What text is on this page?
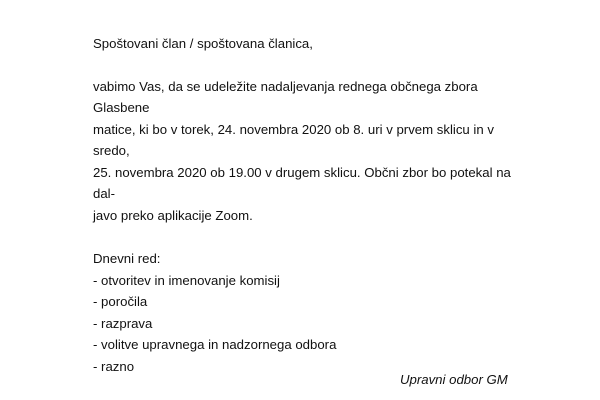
Spoštovani član / spoštovana članica,

vabimo Vas, da se udeležite nadaljevanja rednega občnega zbora Glasbene
matice, ki bo v torek, 24. novembra 2020 ob 8. uri v prvem sklicu in v sredo,
25. novembra 2020 ob 19.00 v drugem sklicu. Občni zbor bo potekal na dal-
javo preko aplikacije Zoom.
Dnevni red:
- otvoritev in imenovanje komisij
- poročila
- razprava
- volitve upravnega in nadzornega odbora
- razno
Upravni odbor GM
